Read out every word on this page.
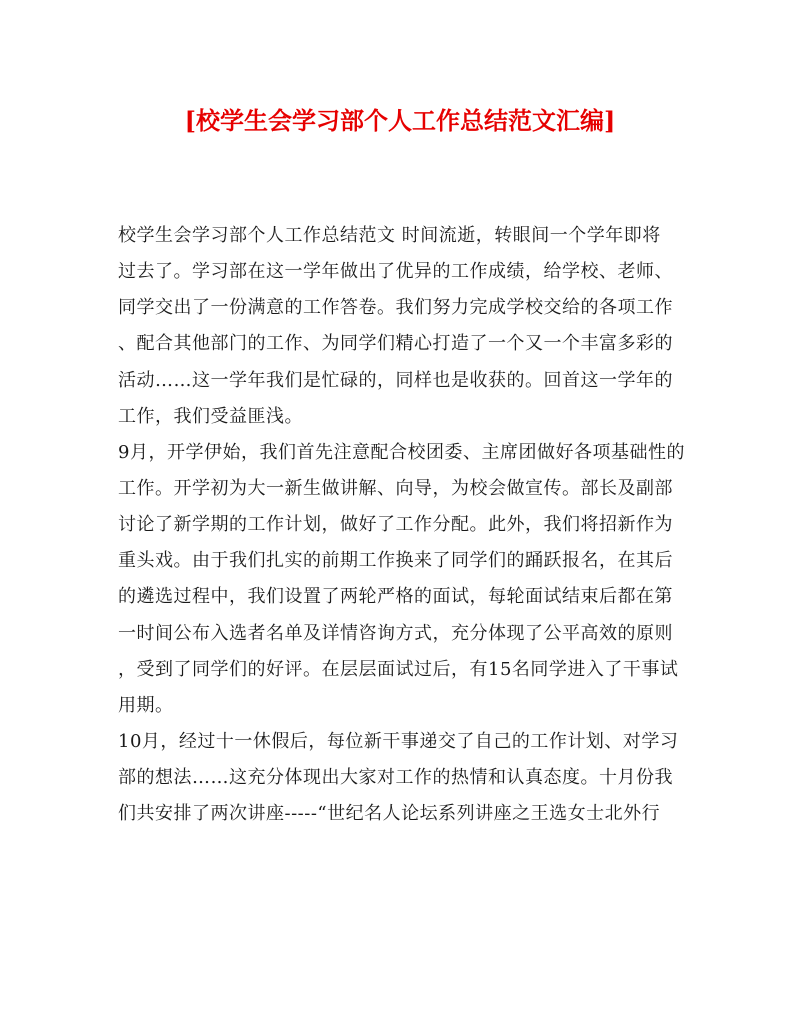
[校学生会学习部个人工作总结范文汇编]
校学生会学习部个人工作总结范文 时间流逝，转眼间一个学年即将
过去了。学习部在这一学年做出了优异的工作成绩，给学校、老师、
同学交出了一份满意的工作答卷。我们努力完成学校交给的各项工作
、配合其他部门的工作、为同学们精心打造了一个又一个丰富多彩的
活动……这一学年我们是忙碌的，同样也是收获的。回首这一学年的
工作，我们受益匪浅。
9月，开学伊始，我们首先注意配合校团委、主席团做好各项基础性的
工作。开学初为大一新生做讲解、向导，为校会做宣传。部长及副部
讨论了新学期的工作计划，做好了工作分配。此外，我们将招新作为
重头戏。由于我们扎实的前期工作换来了同学们的踊跃报名，在其后
的遴选过程中，我们设置了两轮严格的面试，每轮面试结束后都在第
一时间公布入选者名单及详情咨询方式，充分体现了公平高效的原则
，受到了同学们的好评。在层层面试过后，有15名同学进入了干事试
用期。
10月，经过十一休假后，每位新干事递交了自己的工作计划、对学习
部的想法……这充分体现出大家对工作的热情和认真态度。十月份我
们共安排了两次讲座-----“世纪名人论坛系列讲座之王选女士北外行
